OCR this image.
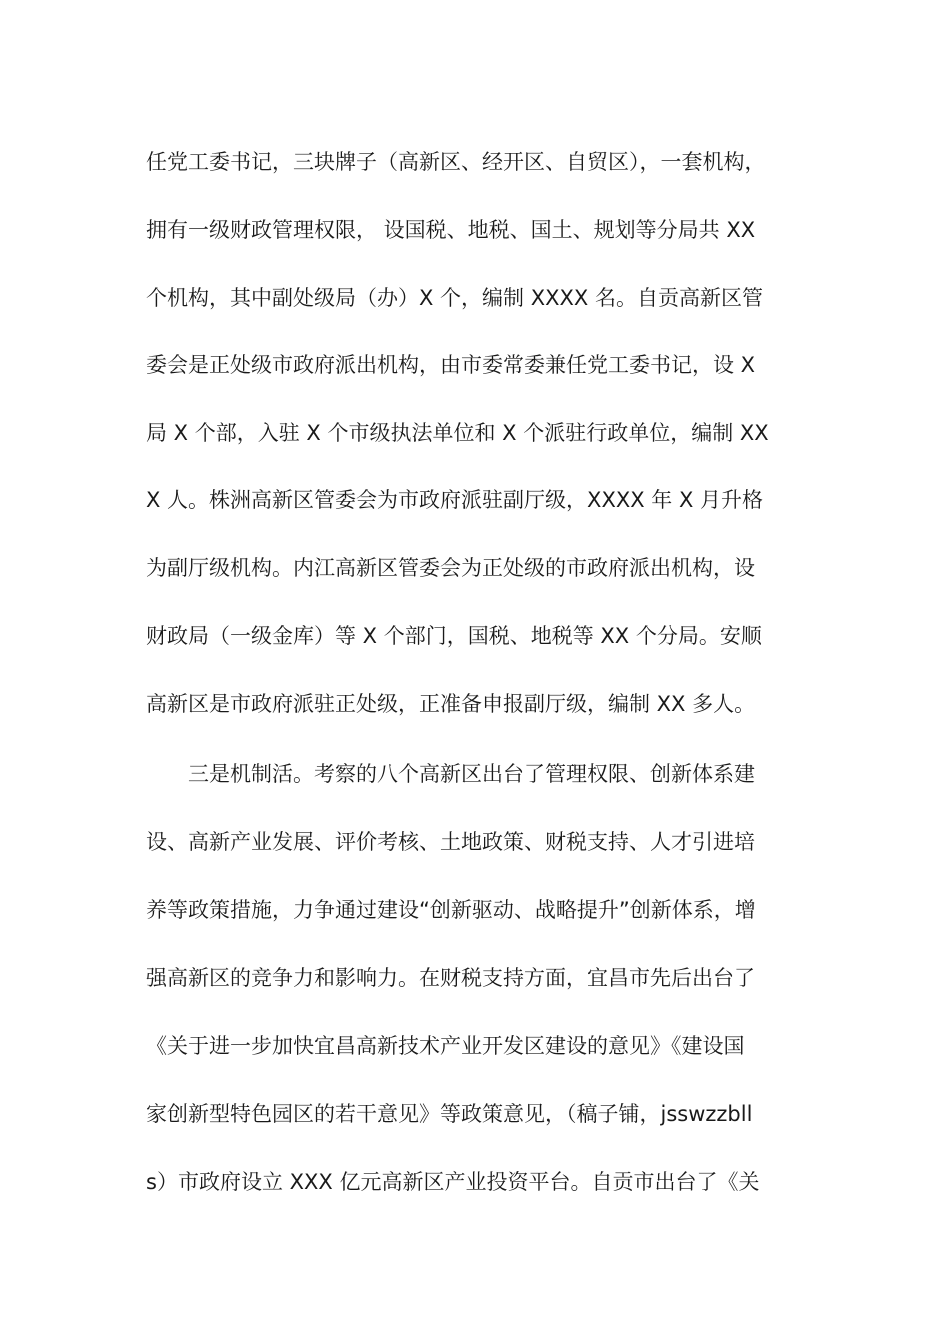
任党工委书记，三块牌子（高新区、经开区、自贸区），一套机构，
拥有一级财政管理权限， 设国税、地税、国土、规划等分局共 XX
个机构，其中副处级局（办）X 个，编制 XXXX 名。自贡高新区管
委会是正处级市政府派出机构，由市委常委兼任党工委书记，设 X
局 X 个部，入驻 X 个市级执法单位和 X 个派驻行政单位，编制 XX
X 人。株洲高新区管委会为市政府派驻副厅级，XXXX 年 X 月升格
为副厅级机构。内江高新区管委会为正处级的市政府派出机构，设
财政局（一级金库）等 X 个部门，国税、地税等 XX 个分局。安顺
高新区是市政府派驻正处级，正准备申报副厅级，编制 XX 多人。
　　三是机制活。考察的八个高新区出台了管理权限、创新体系建
设、高新产业发展、评价考核、土地政策、财税支持、人才引进培
养等政策措施，力争通过建设“创新驱动、战略提升”创新体系，增
强高新区的竞争力和影响力。在财税支持方面，宜昌市先后出台了
《关于进一步加快宜昌高新技术产业开发区建设的意见》《建设国
家创新型特色园区的若干意见》等政策意见，（稿子铺，jsswzzbll
s）市政府设立 XXX 亿元高新区产业投资平台。自贡市出台了《关
